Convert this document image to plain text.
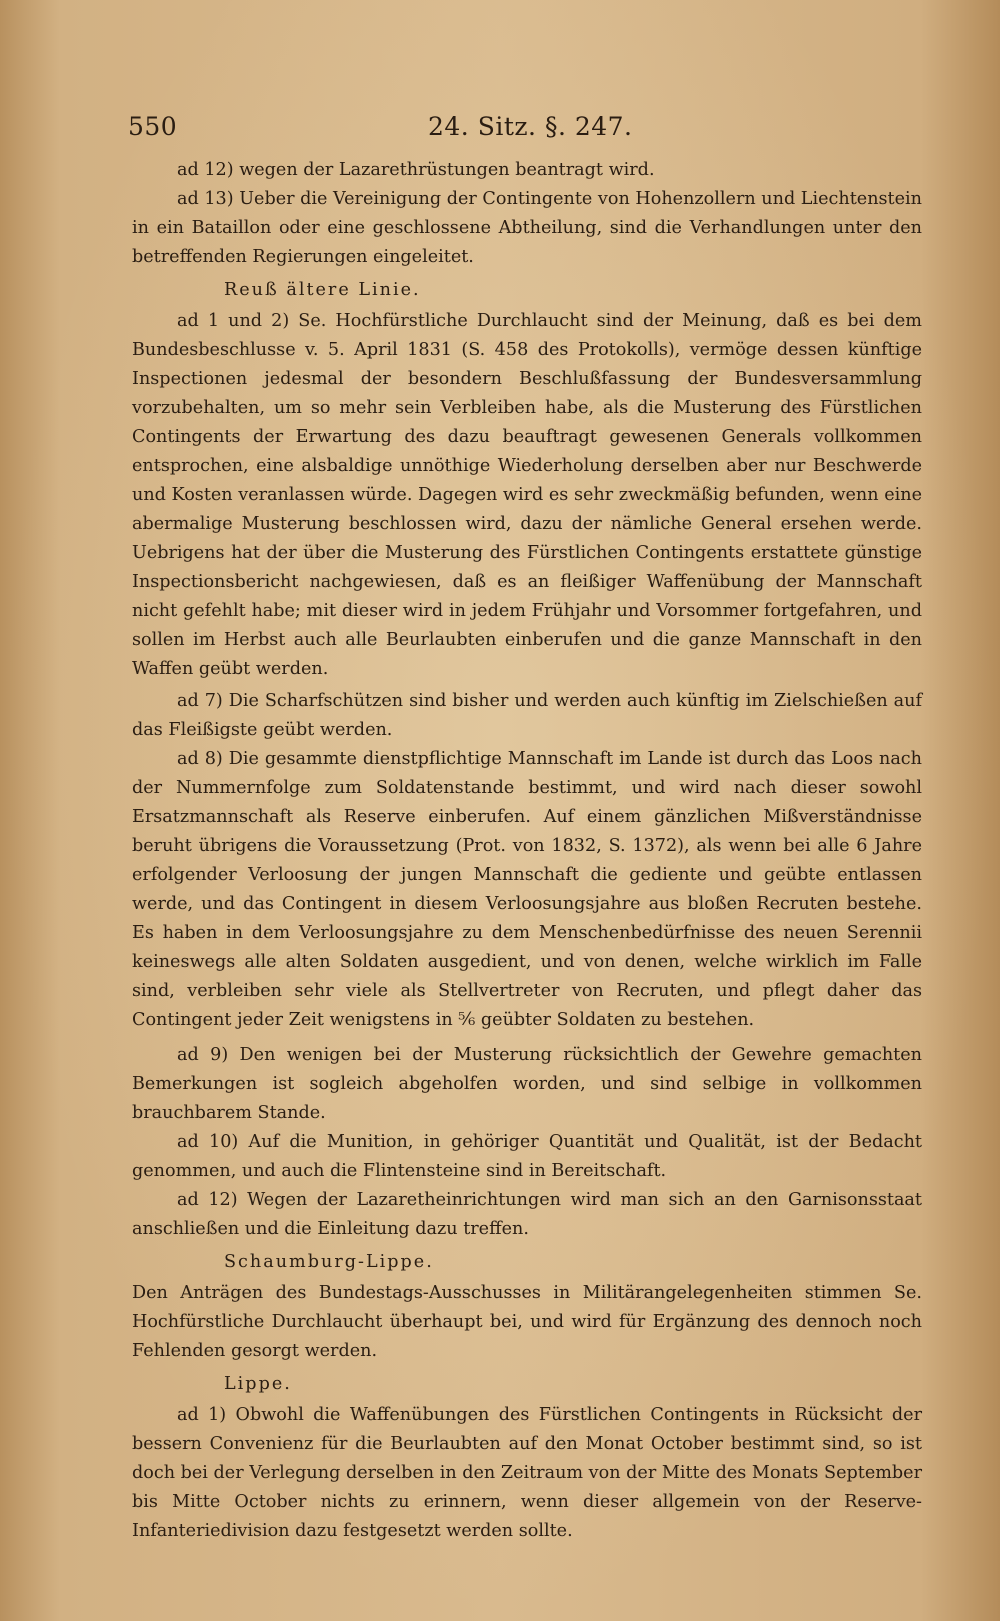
550	24. Sitz. §. 247.

ad 12) wegen der Lazarethrüstungen beantragt wird.

ad 13) Ueber die Vereinigung der Contingente von Hohenzollern und Liechtenstein in ein Bataillon oder eine geschlossene Abtheilung, sind die Verhandlungen unter den betreffenden Regierungen eingeleitet.

Reuß ältere Linie.

ad 1 und 2) Se. Hochfürstliche Durchlaucht sind der Meinung, daß es bei dem Bundesbeschlusse v. 5. April 1831 (S. 458 des Protokolls), vermöge dessen künftige Inspectionen jedesmal der besondern Beschlußfassung der Bundesversammlung vorzubehalten, um so mehr sein Verbleiben habe, als die Musterung des Fürstlichen Contingents der Erwartung des dazu beauftragt gewesenen Generals vollkommen entsprochen, eine alsbaldige unnöthige Wiederholung derselben aber nur Beschwerde und Kosten veranlassen würde. Dagegen wird es sehr zweckmäßig befunden, wenn eine abermalige Musterung beschlossen wird, dazu der nämliche General ersehen werde. Uebrigens hat der über die Musterung des Fürstlichen Contingents erstattete günstige Inspectionsbericht nachgewiesen, daß es an fleißiger Waffenübung der Mannschaft nicht gefehlt habe; mit dieser wird in jedem Frühjahr und Vorsommer fortgefahren, und sollen im Herbst auch alle Beurlaubten einberufen und die ganze Mannschaft in den Waffen geübt werden.

ad 7) Die Scharfschützen sind bisher und werden auch künftig im Zielschießen auf das Fleißigste geübt werden.

ad 8) Die gesammte dienstpflichtige Mannschaft im Lande ist durch das Loos nach der Nummernfolge zum Soldatenstande bestimmt, und wird nach dieser sowohl Ersatzmannschaft als Reserve einberufen. Auf einem gänzlichen Mißverständnisse beruht übrigens die Voraussetzung (Prot. von 1832, S. 1372), als wenn bei alle 6 Jahre erfolgender Verloosung der jungen Mannschaft die gediente und geübte entlassen werde, und das Contingent in diesem Verloosungsjahre aus bloßen Recruten bestehe. Es haben in dem Verloosungsjahre zu dem Menschenbedürfnisse des neuen Serennii keineswegs alle alten Soldaten ausgedient, und von denen, welche wirklich im Falle sind, verbleiben sehr viele als Stellvertreter von Recruten, und pflegt daher das Contingent jeder Zeit wenigstens in ⁵⁄₆ geübter Soldaten zu bestehen.

ad 9) Den wenigen bei der Musterung rücksichtlich der Gewehre gemachten Bemerkungen ist sogleich abgeholfen worden, und sind selbige in vollkommen brauchbarem Stande.

ad 10) Auf die Munition, in gehöriger Quantität und Qualität, ist der Bedacht genommen, und auch die Flintensteine sind in Bereitschaft.

ad 12) Wegen der Lazaretheinrichtungen wird man sich an den Garnisonsstaat anschließen und die Einleitung dazu treffen.

Schaumburg-Lippe.

Den Anträgen des Bundestags-Ausschusses in Militärangelegenheiten stimmen Se. Hochfürstliche Durchlaucht überhaupt bei, und wird für Ergänzung des dennoch noch Fehlenden gesorgt werden.

Lippe.

ad 1) Obwohl die Waffenübungen des Fürstlichen Contingents in Rücksicht der bessern Convenienz für die Beurlaubten auf den Monat October bestimmt sind, so ist doch bei der Verlegung derselben in den Zeitraum von der Mitte des Monats September bis Mitte October nichts zu erinnern, wenn dieser allgemein von der Reserve-Infanteriedivision dazu festgesetzt werden sollte.
